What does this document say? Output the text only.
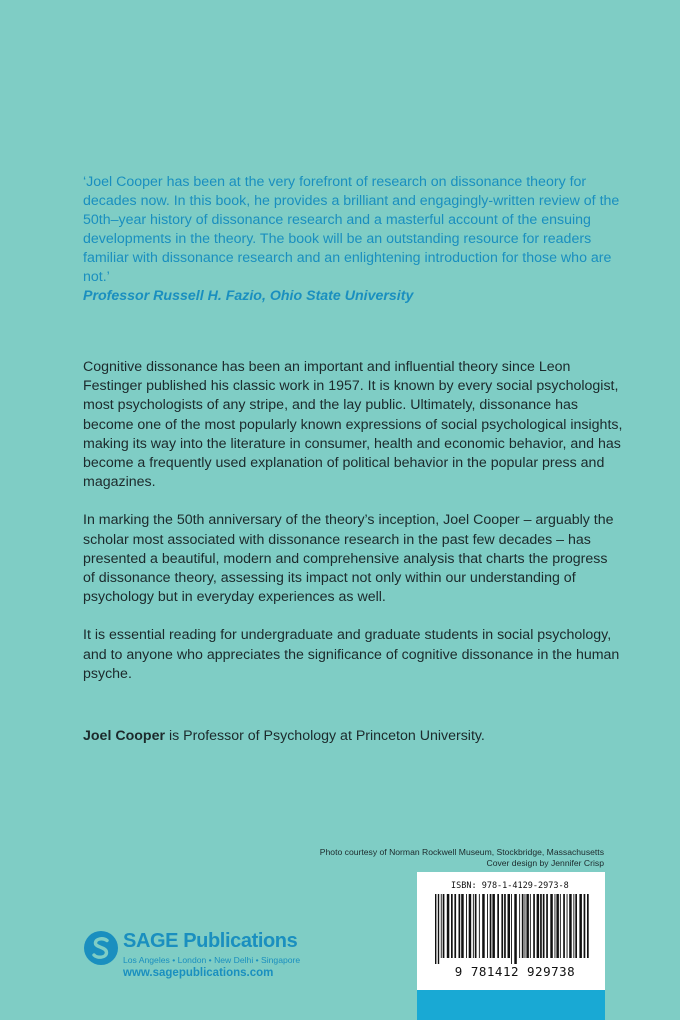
‘Joel Cooper has been at the very forefront of research on dissonance theory for decades now. In this book, he provides a brilliant and engagingly-written review of the 50th–year history of dissonance research and a masterful account of the ensuing developments in the theory. The book will be an outstanding resource for readers familiar with dissonance research and an enlightening introduction for those who are not.’
Professor Russell H. Fazio, Ohio State University

Cognitive dissonance has been an important and influential theory since Leon Festinger published his classic work in 1957. It is known by every social psychologist, most psychologists of any stripe, and the lay public. Ultimately, dissonance has become one of the most popularly known expressions of social psychological insights, making its way into the literature in consumer, health and economic behavior, and has become a frequently used explanation of political behavior in the popular press and magazines.

In marking the 50th anniversary of the theory’s inception, Joel Cooper – arguably the scholar most associated with dissonance research in the past few decades – has presented a beautiful, modern and comprehensive analysis that charts the progress of dissonance theory, assessing its impact not only within our understanding of psychology but in everyday experiences as well.

It is essential reading for undergraduate and graduate students in social psychology, and to anyone who appreciates the significance of cognitive dissonance in the human psyche.

Joel Cooper is Professor of Psychology at Princeton University.
Photo courtesy of Norman Rockwell Museum, Stockbridge, Massachusetts
Cover design by Jennifer Crisp
ISBN: 978-1-4129-2973-8
9 781412 929738
SAGE Publications
Los Angeles • London • New Delhi • Singapore
www.sagepublications.com
